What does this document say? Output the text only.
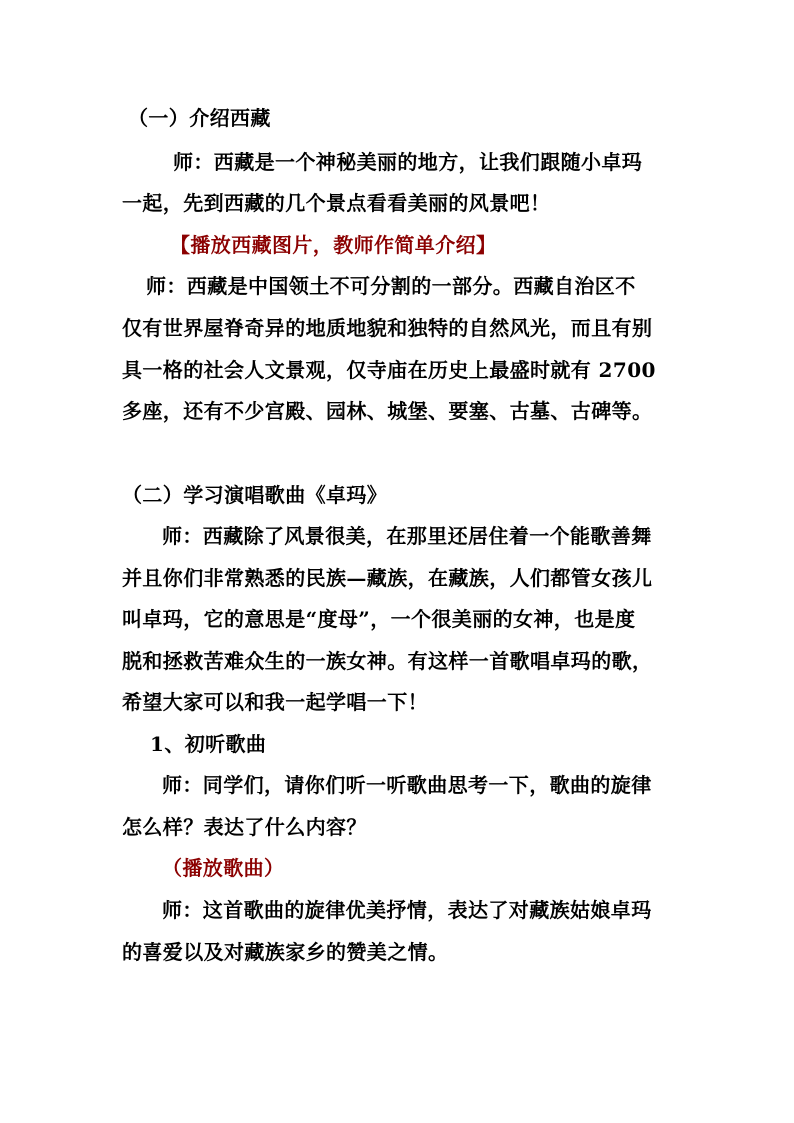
（一）介绍西藏
师：西藏是一个神秘美丽的地方，让我们跟随小卓玛
一起，先到西藏的几个景点看看美丽的风景吧！
【播放西藏图片，教师作简单介绍】
师：西藏是中国领土不可分割的一部分。西藏自治区不
仅有世界屋脊奇异的地质地貌和独特的自然风光，而且有别
具一格的社会人文景观，仅寺庙在历史上最盛时就有 2700
多座，还有不少宫殿、园林、城堡、要塞、古墓、古碑等。
（二）学习演唱歌曲《卓玛》
师：西藏除了风景很美，在那里还居住着一个能歌善舞
并且你们非常熟悉的民族—藏族，在藏族，人们都管女孩儿
叫卓玛，它的意思是“度母”，一个很美丽的女神，也是度
脱和拯救苦难众生的一族女神。有这样一首歌唱卓玛的歌，
希望大家可以和我一起学唱一下！
1、初听歌曲
师：同学们，请你们听一听歌曲思考一下，歌曲的旋律
怎么样？表达了什么内容？
（播放歌曲）
师：这首歌曲的旋律优美抒情，表达了对藏族姑娘卓玛
的喜爱以及对藏族家乡的赞美之情。
